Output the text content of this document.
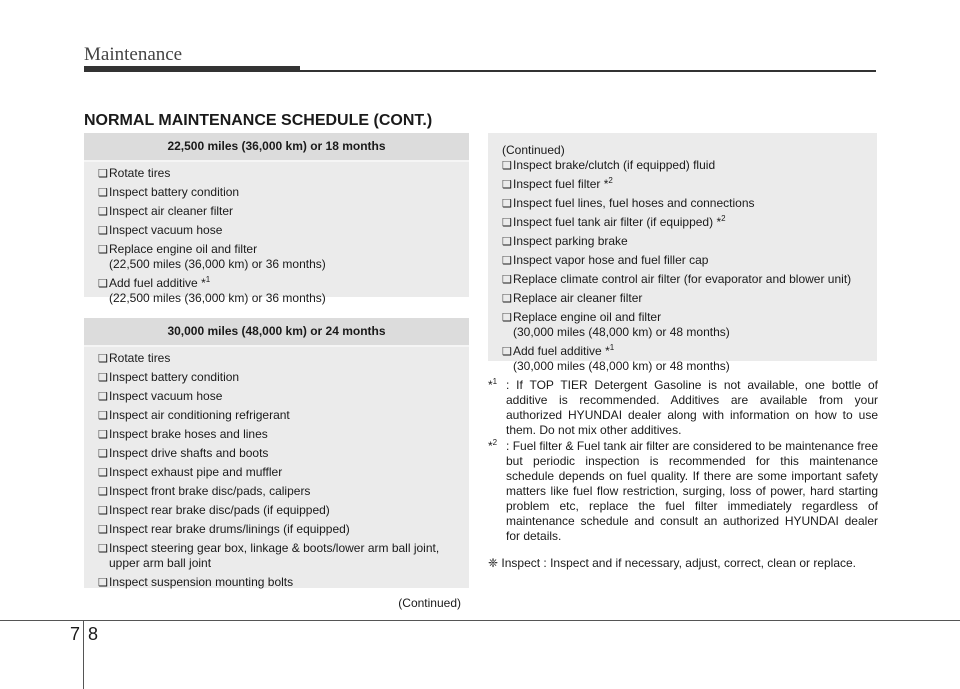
Maintenance
NORMAL MAINTENANCE SCHEDULE (CONT.)
22,500 miles (36,000 km) or 18 months
❑ Rotate tires
❑ Inspect battery condition
❑ Inspect air cleaner filter
❑ Inspect vacuum hose
❑ Replace engine oil and filter
(22,500 miles (36,000 km) or 36 months)
❑ Add fuel additive *$^1$
(22,500 miles (36,000 km) or 36 months)
30,000 miles (48,000 km) or 24 months
❑ Rotate tires
❑ Inspect battery condition
❑ Inspect vacuum hose
❑ Inspect air conditioning refrigerant
❑ Inspect brake hoses and lines
❑ Inspect drive shafts and boots
❑ Inspect exhaust pipe and muffler
❑ Inspect front brake disc/pads, calipers
❑ Inspect rear brake disc/pads (if equipped)
❑ Inspect rear brake drums/linings (if equipped)
❑ Inspect steering gear box, linkage & boots/lower arm ball joint,
upper arm ball joint
❑ Inspect suspension mounting bolts
(Continued)
(Continued)
❑ Inspect brake/clutch (if equipped) fluid
❑ Inspect fuel filter *$^2$
❑ Inspect fuel lines, fuel hoses and connections
❑ Inspect fuel tank air filter (if equipped) *$^2$
❑ Inspect parking brake
❑ Inspect vapor hose and fuel filler cap
❑ Replace climate control air filter (for evaporator and blower unit)
❑ Replace air cleaner filter
❑ Replace engine oil and filter
(30,000 miles (48,000 km) or 48 months)
❑ Add fuel additive *$^1$
(30,000 miles (48,000 km) or 48 months)
*$^1$ : If TOP TIER Detergent Gasoline is not available, one bottle of additive is recommended. Additives are available from your authorized HYUNDAI dealer along with information on how to use them. Do not mix other additives.
*$^2$ : Fuel filter & Fuel tank air filter are considered to be maintenance free but periodic inspection is recommended for this maintenance schedule depends on fuel quality. If there are some important safety matters like fuel flow restriction, surging, loss of power, hard starting problem etc, replace the fuel filter immediately regardless of maintenance schedule and consult an authorized HYUNDAI dealer for details.
❈ Inspect : Inspect and if necessary, adjust, correct, clean or replace.
7 8
